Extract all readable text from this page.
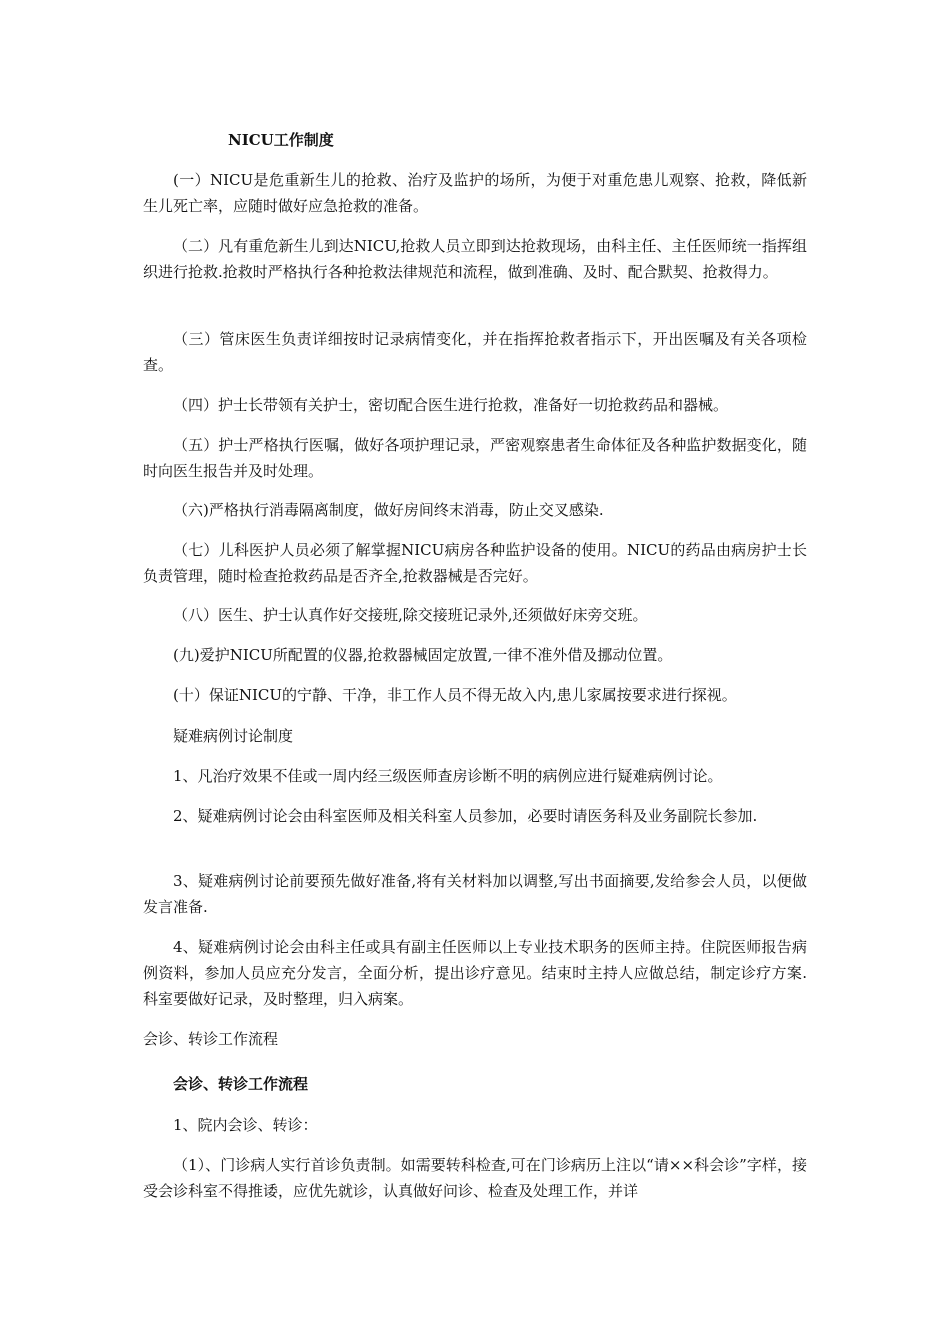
NICU工作制度
(一）NICU是危重新生儿的抢救、治疗及监护的场所，为便于对重危患儿观察、抢救，降低新生儿死亡率，应随时做好应急抢救的准备。
（二）凡有重危新生儿到达NICU,抢救人员立即到达抢救现场，由科主任、主任医师统一指挥组织进行抢救.抢救时严格执行各种抢救法律规范和流程，做到准确、及时、配合默契、抢救得力。
（三）管床医生负责详细按时记录病情变化，并在指挥抢救者指示下，开出医嘱及有关各项检查。
（四）护士长带领有关护士，密切配合医生进行抢救，准备好一切抢救药品和器械。
（五）护士严格执行医嘱，做好各项护理记录，严密观察患者生命体征及各种监护数据变化，随时向医生报告并及时处理。
（六)严格执行消毒隔离制度，做好房间终末消毒，防止交叉感染.
（七）儿科医护人员必须了解掌握NICU病房各种监护设备的使用。NICU的药品由病房护士长负责管理，随时检查抢救药品是否齐全,抢救器械是否完好。
（八）医生、护士认真作好交接班,除交接班记录外,还须做好床旁交班。
(九)爱护NICU所配置的仪器,抢救器械固定放置,一律不准外借及挪动位置。
(十）保证NICU的宁静、干净，非工作人员不得无故入内,患儿家属按要求进行探视。
疑难病例讨论制度
1、凡治疗效果不佳或一周内经三级医师查房诊断不明的病例应进行疑难病例讨论。
2、疑难病例讨论会由科室医师及相关科室人员参加，必要时请医务科及业务副院长参加.
3、疑难病例讨论前要预先做好准备,将有关材料加以调整,写出书面摘要,发给参会人员，以便做发言准备.
4、疑难病例讨论会由科主任或具有副主任医师以上专业技术职务的医师主持。住院医师报告病例资料，参加人员应充分发言，全面分析，提出诊疗意见。结束时主持人应做总结，制定诊疗方案.科室要做好记录，及时整理，归入病案。
会诊、转诊工作流程
会诊、转诊工作流程
1、院内会诊、转诊：
（1）、门诊病人实行首诊负责制。如需要转科检查,可在门诊病历上注以“请××科会诊”字样，接受会诊科室不得推诿，应优先就诊，认真做好问诊、检查及处理工作，并详
